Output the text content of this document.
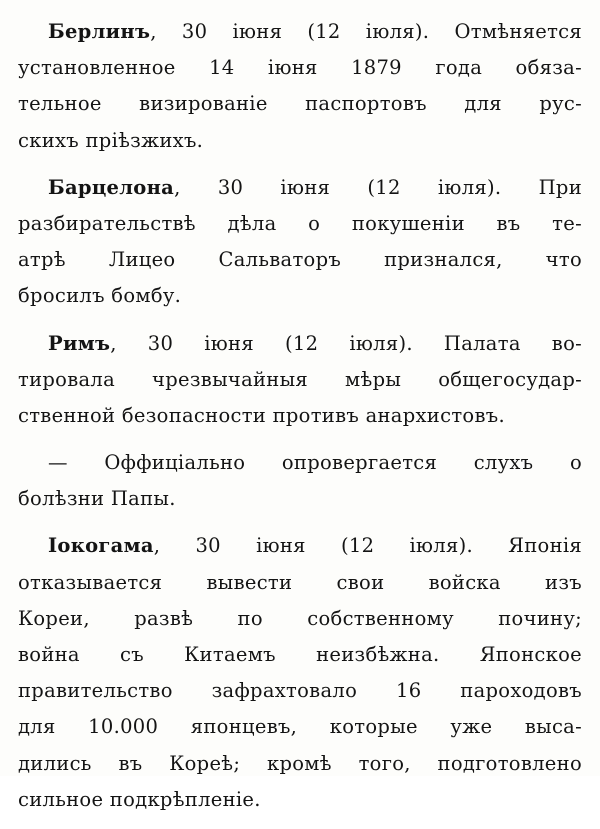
Берлинъ, 30 iюня (12 iюля). Отмѣняется
установленное 14 iюня 1879 года обяза-
тельное визированiе паспортовъ для рус-
скихъ прiѣзжихъ.
Барцелона, 30 iюня (12 iюля). При
разбирательствѣ дѣла о покушенiи въ те-
атрѣ Лицео Сальваторъ призналcя, что
бросилъ бомбу.
Римъ, 30 iюня (12 iюля). Палата во-
тировала чрезвычайныя мѣры общегосудар-
ственной безопасности противъ анархистовъ.
— Оффицiально опровергается слухъ о
болѣзни Папы.
Iокогама, 30 iюня (12 iюля). Японiя
отказывается вывести свои войска изъ
Кореи, развѣ по собственному почину;
война съ Китаемъ неизбѣжна. Японское
правительство зафрахтовало 16 пароходовъ
для 10.000 японцевъ, которые уже выса-
дились въ Кореѣ; кромѣ того, подготовлено
сильное подкрѣпленiе.
